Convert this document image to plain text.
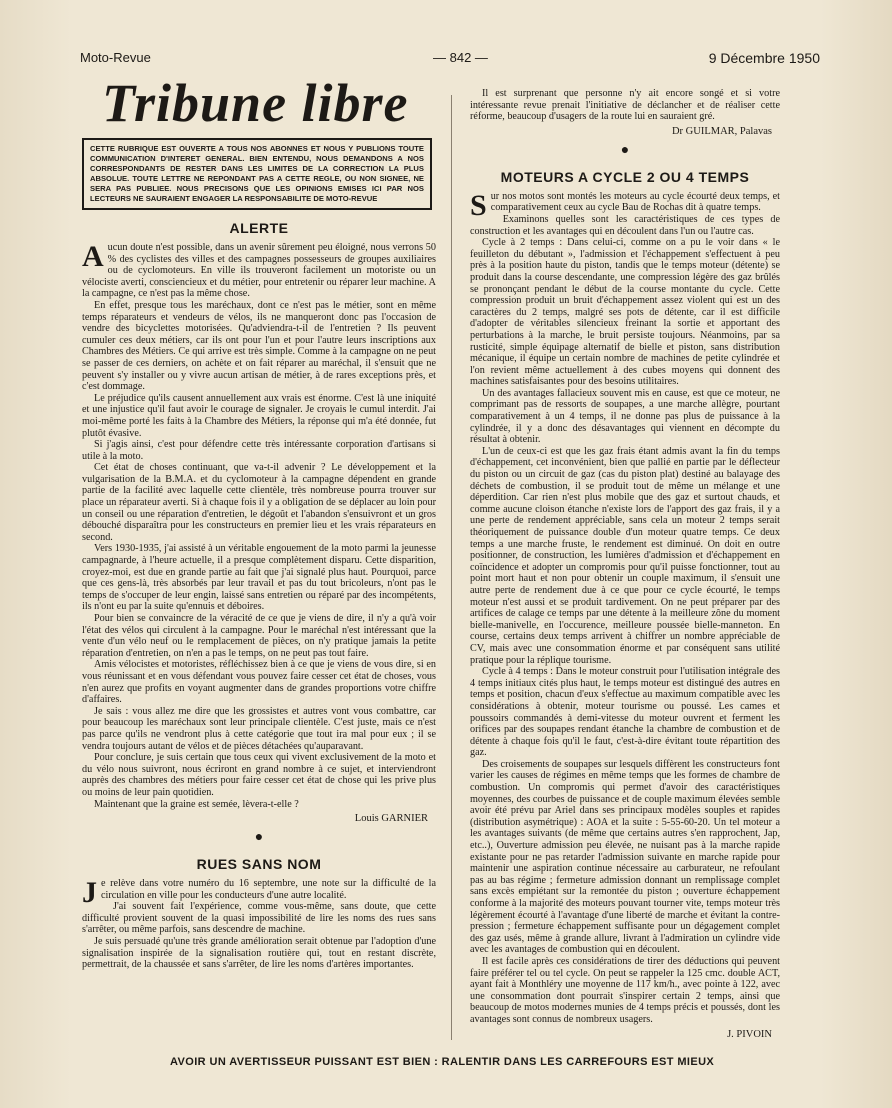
Moto-Revue	— 842 —	9 Décembre 1950
Tribune libre
CETTE RUBRIQUE EST OUVERTE A TOUS NOS ABONNES ET NOUS Y PUBLIONS TOUTE COMMUNICATION D'INTERET GENERAL. BIEN ENTENDU, NOUS DEMANDONS A NOS CORRESPONDANTS DE RESTER DANS LES LIMITES DE LA CORRECTION LA PLUS ABSOLUE. TOUTE LETTRE NE REPONDANT PAS A CETTE REGLE, OU NON SIGNEE, NE SERA PAS PUBLIEE. NOUS PRECISONS QUE LES OPINIONS EMISES ICI PAR NOS LECTEURS NE SAURAIENT ENGAGER LA RESPONSABILITE DE MOTO-REVUE
ALERTE

Aucun doute n'est possible, dans un avenir sûrement peu éloigné, nous verrons 50 % des cyclistes des villes et des campagnes possesseurs de groupes auxiliaires ou de cyclomoteurs. En ville ils trouveront facilement un motoriste ou un vélociste averti, consciencieux et du métier, pour entretenir ou réparer leur machine. A la campagne, ce n'est pas la même chose.

En effet, presque tous les maréchaux, dont ce n'est pas le métier, sont en même temps réparateurs et vendeurs de vélos, ils ne manqueront donc pas l'occasion de vendre des bicyclettes motorisées. Qu'adviendra-t-il de l'entretien ? Ils peuvent cumuler ces deux métiers, car ils ont pour l'un et pour l'autre leurs inscriptions aux Chambres des Métiers. Ce qui arrive est très simple. Comme à la campagne on ne peut se passer de ces derniers, on achète et on fait réparer au maréchal, il s'ensuit que ne peuvent s'y installer ou y vivre aucun artisan de métier, à de rares exceptions près, et c'est dommage.

Le préjudice qu'ils causent annuellement aux vrais est énorme. C'est là une iniquité et une injustice qu'il faut avoir le courage de signaler. Je croyais le cumul interdit. J'ai moi-même porté les faits à la Chambre des Métiers, la réponse qui m'a été donnée, fut plutôt évasive.

Si j'agis ainsi, c'est pour défendre cette très intéressante corporation d'artisans si utile à la moto.

Cet état de choses continuant, que va-t-il advenir ? Le développement et la vulgarisation de la B.M.A. et du cyclomoteur à la campagne dépendent en grande partie de la facilité avec laquelle cette clientèle, très nombreuse pourra trouver sur place un réparateur averti. Si à chaque fois il y a obligation de se déplacer au loin pour un conseil ou une réparation d'entretien, le dégoût et l'abandon s'ensuivront et un gros débouché disparaîtra pour les constructeurs en premier lieu et les vrais réparateurs en second.

Vers 1930-1935, j'ai assisté à un véritable engouement de la moto parmi la jeunesse campagnarde, à l'heure actuelle, il a presque complètement disparu. Cette disparition, croyez-moi, est due en grande partie au fait que j'ai signalé plus haut. Pourquoi, parce que ces gens-là, très absorbés par leur travail et pas du tout bricoleurs, n'ont pas le temps de s'occuper de leur engin, laissé sans entretien ou réparé par des incompétents, ils n'ont eu par la suite qu'ennuis et déboires.

Pour bien se convaincre de la véracité de ce que je viens de dire, il n'y a qu'à voir l'état des vélos qui circulent à la campagne. Pour le maréchal n'est intéressant que la vente d'un vélo neuf ou le remplacement de pièces, on n'y pratique jamais la petite réparation d'entretien, on n'en a pas le temps, on ne peut pas tout faire.

Amis vélocistes et motoristes, réfléchissez bien à ce que je viens de vous dire, si en vous réunissant et en vous défendant vous pouvez faire cesser cet état de choses, vous n'en aurez que profits en voyant augmenter dans de grandes proportions votre chiffre d'affaires.

Je sais : vous allez me dire que les grossistes et autres vont vous combattre, car pour beaucoup les maréchaux sont leur principale clientèle. C'est juste, mais ce n'est pas parce qu'ils ne vendront plus à cette catégorie que tout ira mal pour eux ; il se vendra toujours autant de vélos et de pièces détachées qu'auparavant.

Pour conclure, je suis certain que tous ceux qui vivent exclusivement de la moto et du vélo nous suivront, nous écriront en grand nombre à ce sujet, et interviendront auprès des chambres des métiers pour faire cesser cet état de chose qui les prive plus ou moins de leur pain quotidien.

Maintenant que la graine est semée, lèvera-t-elle ?

Louis GARNIER
●
RUES SANS NOM

Je relève dans votre numéro du 16 septembre, une note sur la difficulté de la circulation en ville pour les conducteurs d'une autre localité.

J'ai souvent fait l'expérience, comme vous-même, sans doute, que cette difficulté provient souvent de la quasi impossibilité de lire les noms des rues sans s'arrêter, ou même parfois, sans descendre de machine.

Je suis persuadé qu'une très grande amélioration serait obtenue par l'adoption d'une signalisation inspirée de la signalisation routière qui, tout en restant discrète, permettrait, de la chaussée et sans s'arrêter, de lire les noms d'artères importantes.

Il est surprenant que personne n'y ait encore songé et si votre intéressante revue prenait l'initiative de déclancher et de réaliser cette réforme, beaucoup d'usagers de la route lui en sauraient gré.

Dr GUILMAR, Palavas
●
MOTEURS A CYCLE 2 OU 4 TEMPS

Sur nos motos sont montés les moteurs au cycle écourté deux temps, et comparativement ceux au cycle Bau de Rochas dit à quatre temps.

Examinons quelles sont les caractéristiques de ces types de construction et les avantages qui en découlent dans l'un ou l'autre cas.

Cycle à 2 temps : Dans celui-ci, comme on a pu le voir dans « le feuilleton du débutant », l'admission et l'échappement s'effectuent à peu près à la position haute du piston, tandis que le temps moteur (détente) se produit dans la course descendante, une compression légère des gaz brûlés se prononçant pendant le début de la course montante du cycle. Cette compression produit un bruit d'échappement assez violent qui est un des caractères du 2 temps, malgré ses pots de détente, car il est difficile d'adopter de véritables silencieux freinant la sortie et apportant des perturbations à la marche, le bruit persiste toujours. Néanmoins, par sa rusticité, simple équipage alternatif de bielle et piston, sans distribution mécanique, il équipe un certain nombre de machines de petite cylindrée et l'on revient même actuellement à des cubes moyens qui donnent des machines satisfaisantes pour des besoins utilitaires.

Un des avantages fallacieux souvent mis en cause, est que ce moteur, ne comprimant pas de ressorts de soupapes, a une marche allègre, pourtant comparativement à un 4 temps, il ne donne pas plus de puissance à la cylindrée, il y a donc des désavantages qui viennent en décompte du résultat à obtenir.

L'un de ceux-ci est que les gaz frais étant admis avant la fin du temps d'échappement, cet inconvénient, bien que pallié en partie par le déflecteur du piston ou un circuit de gaz (cas du piston plat) destiné au balayage des déchets de combustion, il se produit tout de même un mélange et une déperdition. Car rien n'est plus mobile que des gaz et surtout chauds, et comme aucune cloison étanche n'existe lors de l'apport des gaz frais, il y a une perte de rendement appréciable, sans cela un moteur 2 temps serait théoriquement de puissance double d'un moteur quatre temps. Ce deux temps a une marche fruste, le rendement est diminué. On doit en outre positionner, de construction, les lumières d'admission et d'échappement en coïncidence et adopter un compromis pour qu'il puisse fonctionner, tout au point mort haut et non pour obtenir un couple maximum, il s'ensuit une autre perte de rendement due à ce que pour ce cycle écourté, le temps moteur n'est aussi et se produit tardivement. On ne peut préparer par des artifices de calage ce temps par une détente à la meilleure zône du moment bielle-manivelle, en l'occurence, meilleure poussée bielle-manneton. En course, certains deux temps arrivent à chiffrer un nombre appréciable de CV, mais avec une consommation énorme et par conséquent sans utilité pratique pour la réplique tourisme.

Cycle à 4 temps : Dans le moteur construit pour l'utilisation intégrale des 4 temps initiaux cités plus haut, le temps moteur est distingué des autres en temps et position, chacun d'eux s'effectue au maximum compatible avec les considérations à obtenir, moteur tourisme ou poussé. Les cames et poussoirs commandés à demi-vitesse du moteur ouvrent et ferment les orifices par des soupapes rendant étanche la chambre de combustion et de détente à chaque fois qu'il le faut, c'est-à-dire évitant toute répartition des gaz.

Des croisements de soupapes sur lesquels diffèrent les constructeurs font varier les causes de régimes en même temps que les formes de chambre de combustion. Un compromis qui permet d'avoir des caractéristiques moyennes, des courbes de puissance et de couple maximum élevées semble avoir été prévu par Ariel dans ses principaux modèles souples et rapides (distribution asymétrique) : AOA et la suite : 5-55-60-20. Un tel moteur a les avantages suivants (de même que certains autres s'en rapprochent, Jap, etc..), Ouverture admission peu élevée, ne nuisant pas à la marche rapide existante pour ne pas retarder l'admission suivante en marche rapide pour maintenir une aspiration continue nécessaire au carburateur, ne refoulant pas au bas régime ; fermeture admission donnant un remplissage complet sans excès empiétant sur la remontée du piston ; ouverture échappement conforme à la majorité des moteurs pouvant tourner vite, temps moteur très légèrement écourté à l'avantage d'une liberté de marche et évitant la contre-pression ; fermeture échappement suffisante pour un dégagement complet des gaz usés, même à grande allure, livrant à l'admiration un cylindre vide avec les avantages de combustion qui en découlent.

Il est facile après ces considérations de tirer des déductions qui peuvent faire préférer tel ou tel cycle. On peut se rappeler la 125 cmc. double ACT, ayant fait à Monthléry une moyenne de 117 km/h., avec pointe à 122, avec une consommation dont pourrait s'inspirer certain 2 temps, ainsi que beaucoup de motos modernes munies de 4 temps précis et poussés, dont les avantages sont connus de nombreux usagers.

J. PIVOIN
AVOIR UN AVERTISSEUR PUISSANT EST BIEN : RALENTIR DANS LES CARREFOURS EST MIEUX
